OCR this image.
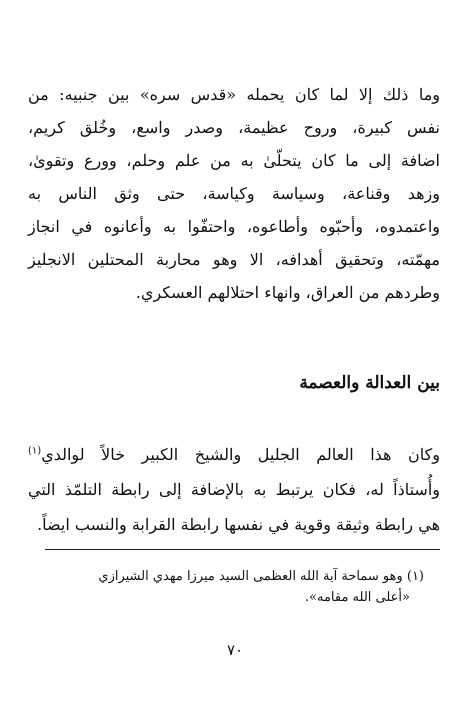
وما ذلك إلا لما كان يحمله «قدس سره» بين جنبيه: من
نفس كبيرة، وروح عظيمة، وصدر واسع، وخُلق كريم،
اضافة إلى ما كان يتحلّىٰ به من علم وحلم، وورع وتقوىٰ،
وزهد وقناعة، وسياسة وكياسة، حتى وثق الناس به
واعتمدوه، وأحبّوه وأطاعوه، واحتفّوا به وأعانوه في انجاز
مهمّته، وتحقيق أهدافه، الا وهو محاربة المحتلين الانجليز
وطردهم من العراق، وانهاء احتلالهم العسكري.
بين العدالة والعصمة
وكان هذا العالم الجليل والشيخ الكبير خالاً لوالدي$^{(١)}$
وأُستاذاً له، فكان يرتبط به بالإضافة إلى رابطة التلمّذ التي
هي رابطة وثيقة وقوية في نفسها رابطة القرابة والنسب ايضاً.
(١) وهو سماحة آية الله العظمى السيد ميرزا مهدي الشيرازي
«أعلى الله مقامه».
٧٠
